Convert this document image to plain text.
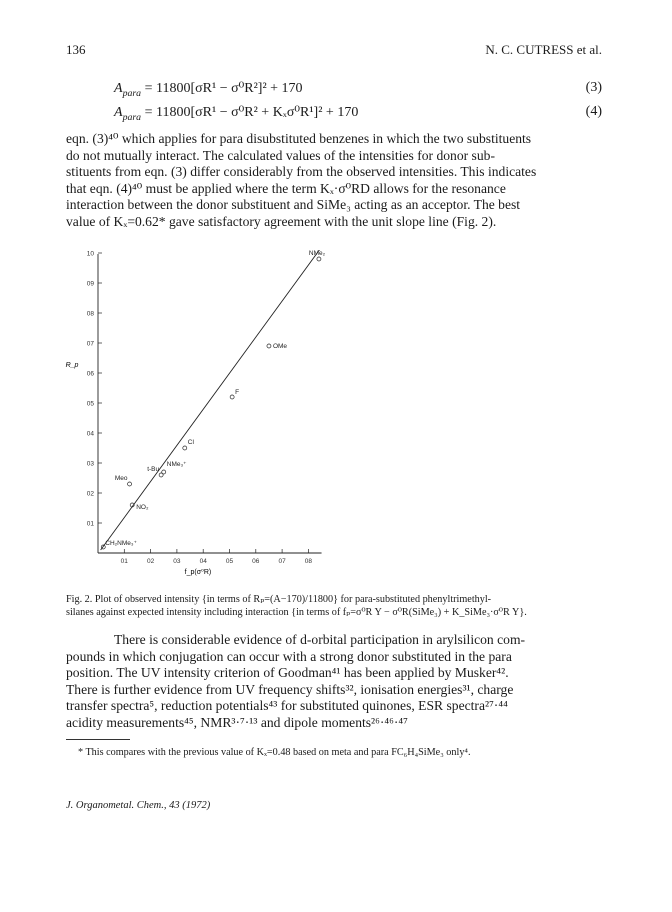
136	N. C. CUTRESS et al.
$A_{para} = 11800[\sigma R^1 - \sigma^0R^2]^2 + 170$	(3)
$A_{para} = 11800[\sigma R^1 - \sigma^0R^2 + K_x\sigma^0R^1]^2 + 170$	(4)
eqn. (3)⁴⁰ which applies for para disubstituted benzenes in which the two substituents
do not mutually interact. The calculated values of the intensities for donor sub-
stituents from eqn. (3) differ considerably from the observed intensities. This indicates
that eqn. (4)⁴⁰ must be applied where the term Kₓ·σ⁰RD allows for the resonance
interaction between the donor substituent and SiMe₃ acting as an acceptor. The best
value of Kₓ=0.62* gave satisfactory agreement with the unit slope line (Fig. 2).
01	02	03	04	05	06	07	08
01
02
03
04
05
06
07
08
09
10
CH₂NMe₃⁺
NO₂
Meo
t-Bu
NMe₃⁺
Cl
F
OMe
NMe₂
f_p(σ⁰R)
R_p
Fig. 2. Plot of observed intensity {in terms of Rₚ=(A−170)/11800} for para-substituted phenyltrimethyl-
silanes against expected intensity including interaction {in terms of fₚ=σ⁰R Y − σ⁰R(SiMe₃) + K_SiMe₃·σ⁰R Y}.
There is considerable evidence of d-orbital participation in arylsilicon com-
pounds in which conjugation can occur with a strong donor substituted in the para
position. The UV intensity criterion of Goodman⁴¹ has been applied by Musker⁴².
There is further evidence from UV frequency shifts³², ionisation energies³¹, charge
transfer spectra⁵, reduction potentials⁴³ for substituted quinones, ESR spectra²⁷·⁴⁴
acidity measurements⁴⁵, NMR³·⁷·¹³ and dipole moments²⁶·⁴⁶·⁴⁷
* This compares with the previous value of Kₓ=0.48 based on meta and para FC₆H₄SiMe₃ only⁴.
J. Organometal. Chem., 43 (1972)
